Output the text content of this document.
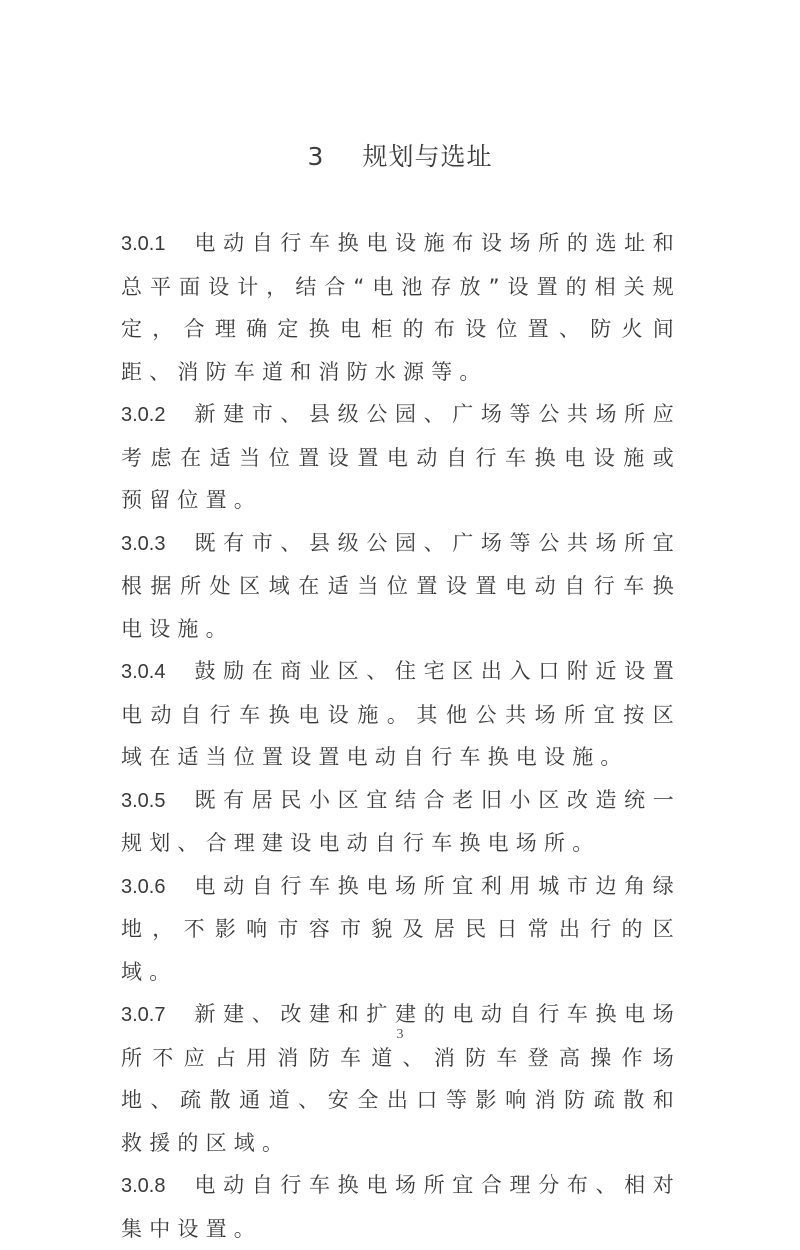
3 规划与选址

3.0.1 电动自行车换电设施布设场所的选址和总平面设计，结合“电池存放”设置的相关规定，合理确定换电柜的布设位置、防火间距、消防车道和消防水源等。

3.0.2 新建市、县级公园、广场等公共场所应考虑在适当位置设置电动自行车换电设施或预留位置。

3.0.3 既有市、县级公园、广场等公共场所宜根据所处区域在适当位置设置电动自行车换电设施。

3.0.4 鼓励在商业区、住宅区出入口附近设置电动自行车换电设施。其他公共场所宜按区域在适当位置设置电动自行车换电设施。

3.0.5 既有居民小区宜结合老旧小区改造统一规划、合理建设电动自行车换电场所。

3.0.6 电动自行车换电场所宜利用城市边角绿地，不影响市容市貌及居民日常出行的区域。

3.0.7 新建、改建和扩建的电动自行车换电场所不应占用消防车道、消防车登高操作场地、疏散通道、安全出口等影响消防疏散和救援的区域。

3.0.8 电动自行车换电场所宜合理分布、相对集中设置。

3
